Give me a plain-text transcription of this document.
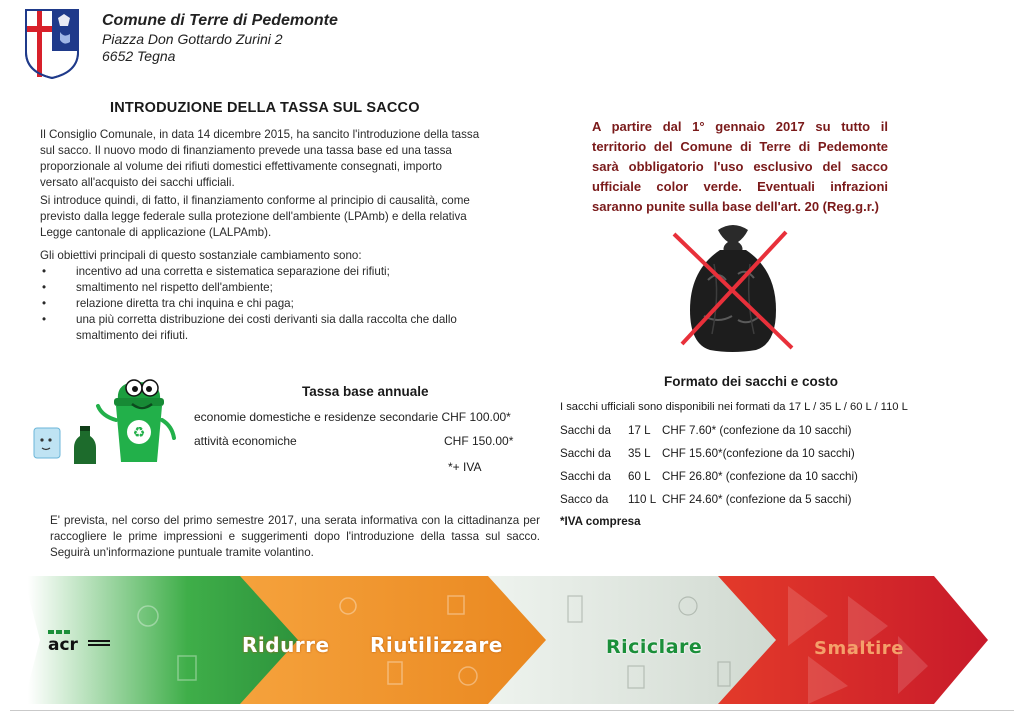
Comune di Terre di Pedemonte
Piazza Don Gottardo Zurini 2
6652 Tegna
INTRODUZIONE DELLA TASSA SUL SACCO
Il Consiglio Comunale, in data 14 dicembre 2015, ha sancito l'introduzione della tassa sul sacco. Il nuovo modo di finanziamento prevede una tassa base ed una tassa proporzionale al volume dei rifiuti domestici effettivamente consegnati, importo versato all'acquisto dei sacchi ufficiali.
Si introduce quindi, di fatto, il finanziamento conforme al principio di causalità, come previsto dalla legge federale sulla protezione dell'ambiente (LPAmb) e della relativa Legge cantonale di applicazione (LALPAmb).
Gli obiettivi principali di questo sostanziale cambiamento sono:
• incentivo ad una corretta e sistematica separazione dei rifiuti;
• smaltimento nel rispetto dell'ambiente;
• relazione diretta tra chi inquina e chi paga;
• una più corretta distribuzione dei costi derivanti sia dalla raccolta che dallo smaltimento dei rifiuti.
A partire dal 1° gennaio 2017 su tutto il territorio del Comune di Terre di Pedemonte sarà obbligatorio l'uso esclusivo del sacco ufficiale color verde. Eventuali infrazioni saranno punite sulla base dell'art. 20 (Reg.g.r.)
♻
Tassa base annuale
economie domestiche e residenze secondarie CHF 100.00*
attività economiche	CHF 150.00*
*+ IVA
Formato dei sacchi e costo
I sacchi ufficiali sono disponibili nei formati da 17 L / 35 L / 60 L / 110 L
Sacchi da 17 L CHF 7.60* (confezione da 10 sacchi)
Sacchi da 35 L CHF 15.60*(confezione da 10 sacchi)
Sacchi da 60 L CHF 26.80* (confezione da 10 sacchi)
Sacco da 110 L CHF 24.60* (confezione da 5 sacchi)
*IVA compresa
E' prevista, nel corso del primo semestre 2017, una serata informativa con la cittadinanza per raccogliere le prime impressioni e suggerimenti dopo l'introduzione della tassa sul sacco. Seguirà un'informazione puntuale tramite volantino.
acr	Ridurre Riutilizzare	Riciclare	Smaltire
